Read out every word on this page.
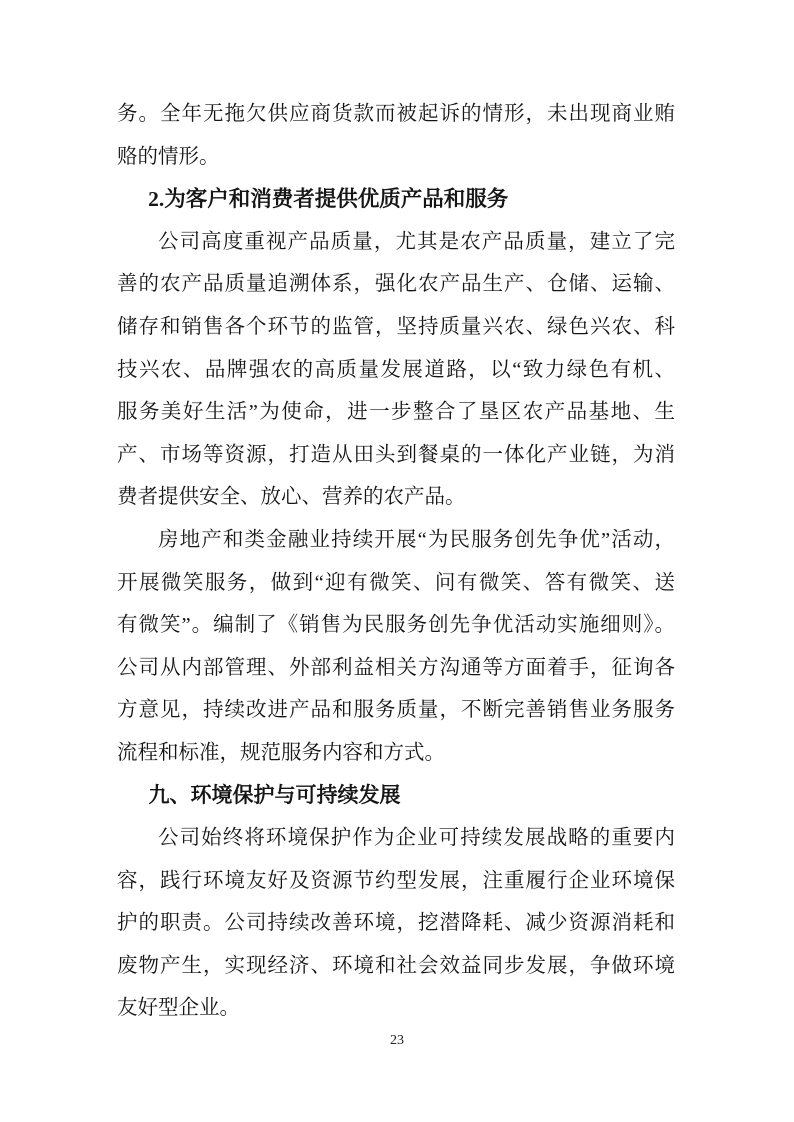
务。全年无拖欠供应商货款而被起诉的情形，未出现商业贿
赂的情形。
2.为客户和消费者提供优质产品和服务
公司高度重视产品质量，尤其是农产品质量，建立了完
善的农产品质量追溯体系，强化农产品生产、仓储、运输、
储存和销售各个环节的监管，坚持质量兴农、绿色兴农、科
技兴农、品牌强农的高质量发展道路，以“致力绿色有机、
服务美好生活”为使命，进一步整合了垦区农产品基地、生
产、市场等资源，打造从田头到餐桌的一体化产业链，为消
费者提供安全、放心、营养的农产品。
房地产和类金融业持续开展“为民服务创先争优”活动，
开展微笑服务，做到“迎有微笑、问有微笑、答有微笑、送
有微笑”。编制了《销售为民服务创先争优活动实施细则》。
公司从内部管理、外部利益相关方沟通等方面着手，征询各
方意见，持续改进产品和服务质量，不断完善销售业务服务
流程和标准，规范服务内容和方式。
九、环境保护与可持续发展
公司始终将环境保护作为企业可持续发展战略的重要内
容，践行环境友好及资源节约型发展，注重履行企业环境保
护的职责。公司持续改善环境，挖潜降耗、减少资源消耗和
废物产生，实现经济、环境和社会效益同步发展，争做环境
友好型企业。
23
